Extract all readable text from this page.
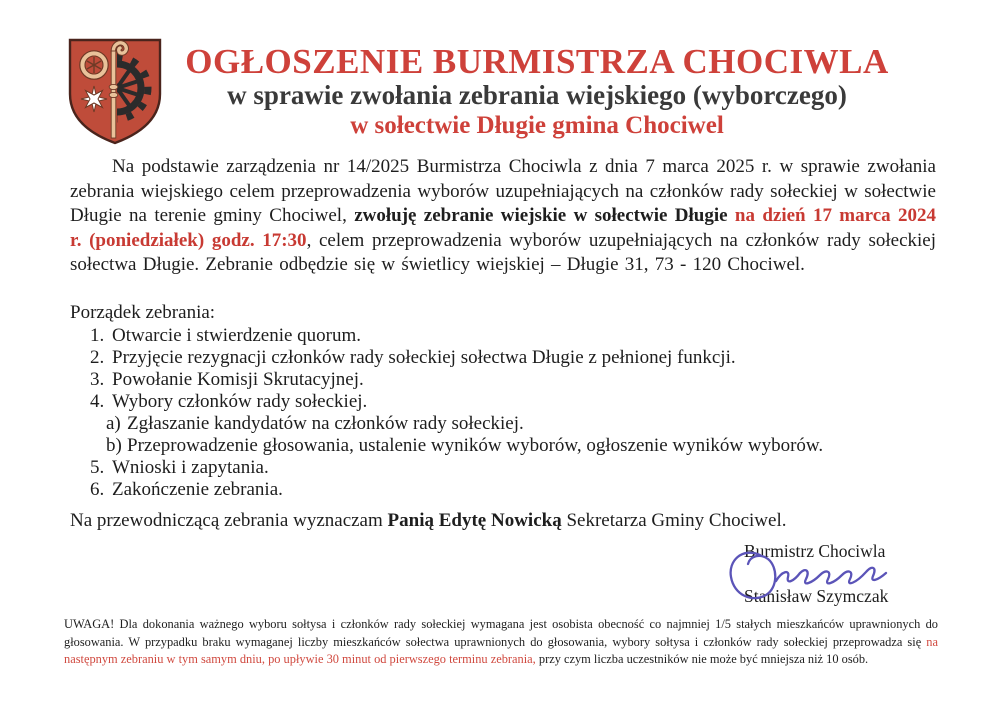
OGŁOSZENIE BURMISTRZA CHOCIWLA
w sprawie zwołania zebrania wiejskiego (wyborczego)
w sołectwie Długie gmina Chociwel

Na podstawie zarządzenia nr 14/2025 Burmistrza Chociwla z dnia 7 marca 2025 r. w sprawie zwołania zebrania wiejskiego celem przeprowadzenia wyborów uzupełniających na członków rady sołeckiej w sołectwie Długie na terenie gminy Chociwel, zwołuję zebranie wiejskie w sołectwie Długie na dzień 17 marca 2024 r. (poniedziałek) godz. 17:30, celem przeprowadzenia wyborów uzupełniających na członków rady sołeckiej sołectwa Długie. Zebranie odbędzie się w świetlicy wiejskiej – Długie 31, 73 - 120 Chociwel.

Porządek zebrania:
1. Otwarcie i stwierdzenie quorum.
2. Przyjęcie rezygnacji członków rady sołeckiej sołectwa Długie z pełnionej funkcji.
3. Powołanie Komisji Skrutacyjnej.
4. Wybory członków rady sołeckiej.
a) Zgłaszanie kandydatów na członków rady sołeckiej.
b) Przeprowadzenie głosowania, ustalenie wyników wyborów, ogłoszenie wyników wyborów.
5. Wnioski i zapytania.
6. Zakończenie zebrania.

Na przewodniczącą zebrania wyznaczam Panią Edytę Nowicką Sekretarza Gminy Chociwel.

Burmistrz Chociwla
Stanisław Szymczak

UWAGA! Dla dokonania ważnego wyboru sołtysa i członków rady sołeckiej wymagana jest osobista obecność co najmniej 1/5 stałych mieszkańców uprawnionych do głosowania. W przypadku braku wymaganej liczby mieszkańców sołectwa uprawnionych do głosowania, wybory sołtysa i członków rady sołeckiej przeprowadza się na następnym zebraniu w tym samym dniu, po upływie 30 minut od pierwszego terminu zebrania, przy czym liczba uczestników nie może być mniejsza niż 10 osób.
